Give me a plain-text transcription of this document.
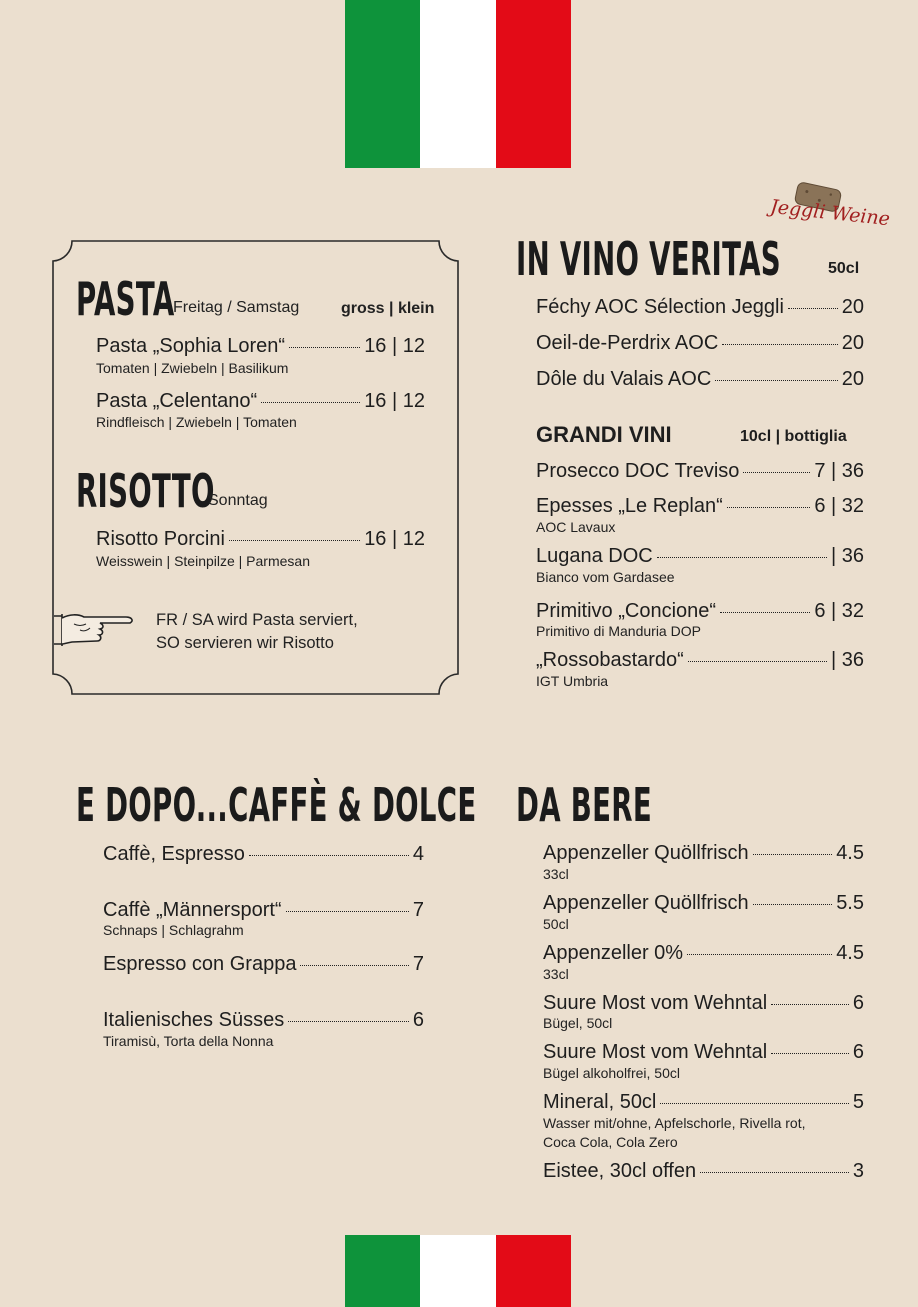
PASTA
Freitag / Samstag	gross | klein
Pasta „Sophia Loren“	16 | 12
Tomaten | Zwiebeln | Basilikum
Pasta „Celentano“	16 | 12
Rindfleisch | Zwiebeln | Tomaten
RISOTTO
Sonntag
Risotto Porcini	16 | 12
Weisswein | Steinpilze | Parmesan
FR / SA wird Pasta serviert,
SO servieren wir Risotto
Jeggli Weine
IN VINO VERITAS	50cl
Féchy AOC Sélection Jeggli	20
Oeil-de-Perdrix AOC	20
Dôle du Valais AOC	20
GRANDI VINI	10cl | bottiglia
Prosecco DOC Treviso	7 | 36
Epesses „Le Replan“	6 | 32
AOC Lavaux
Lugana DOC	| 36
Bianco vom Gardasee
Primitivo „Concione“	6 | 32
Primitivo di Manduria DOP
„Rossobastardo“	| 36
IGT Umbria
E DOPO...CAFFÈ & DOLCE
Caffè, Espresso	4
Caffè „Männersport“	7
Schnaps | Schlagrahm
Espresso con Grappa	7
Italienisches Süsses	6
Tiramisù, Torta della Nonna
DA BERE
Appenzeller Quöllfrisch	4.5
33cl
Appenzeller Quöllfrisch	5.5
50cl
Appenzeller 0%	4.5
33cl
Suure Most vom Wehntal	6
Bügel, 50cl
Suure Most vom Wehntal	6
Bügel alkoholfrei, 50cl
Mineral, 50cl	5
Wasser mit/ohne, Apfelschorle, Rivella rot,
Coca Cola, Cola Zero
Eistee, 30cl offen	3
